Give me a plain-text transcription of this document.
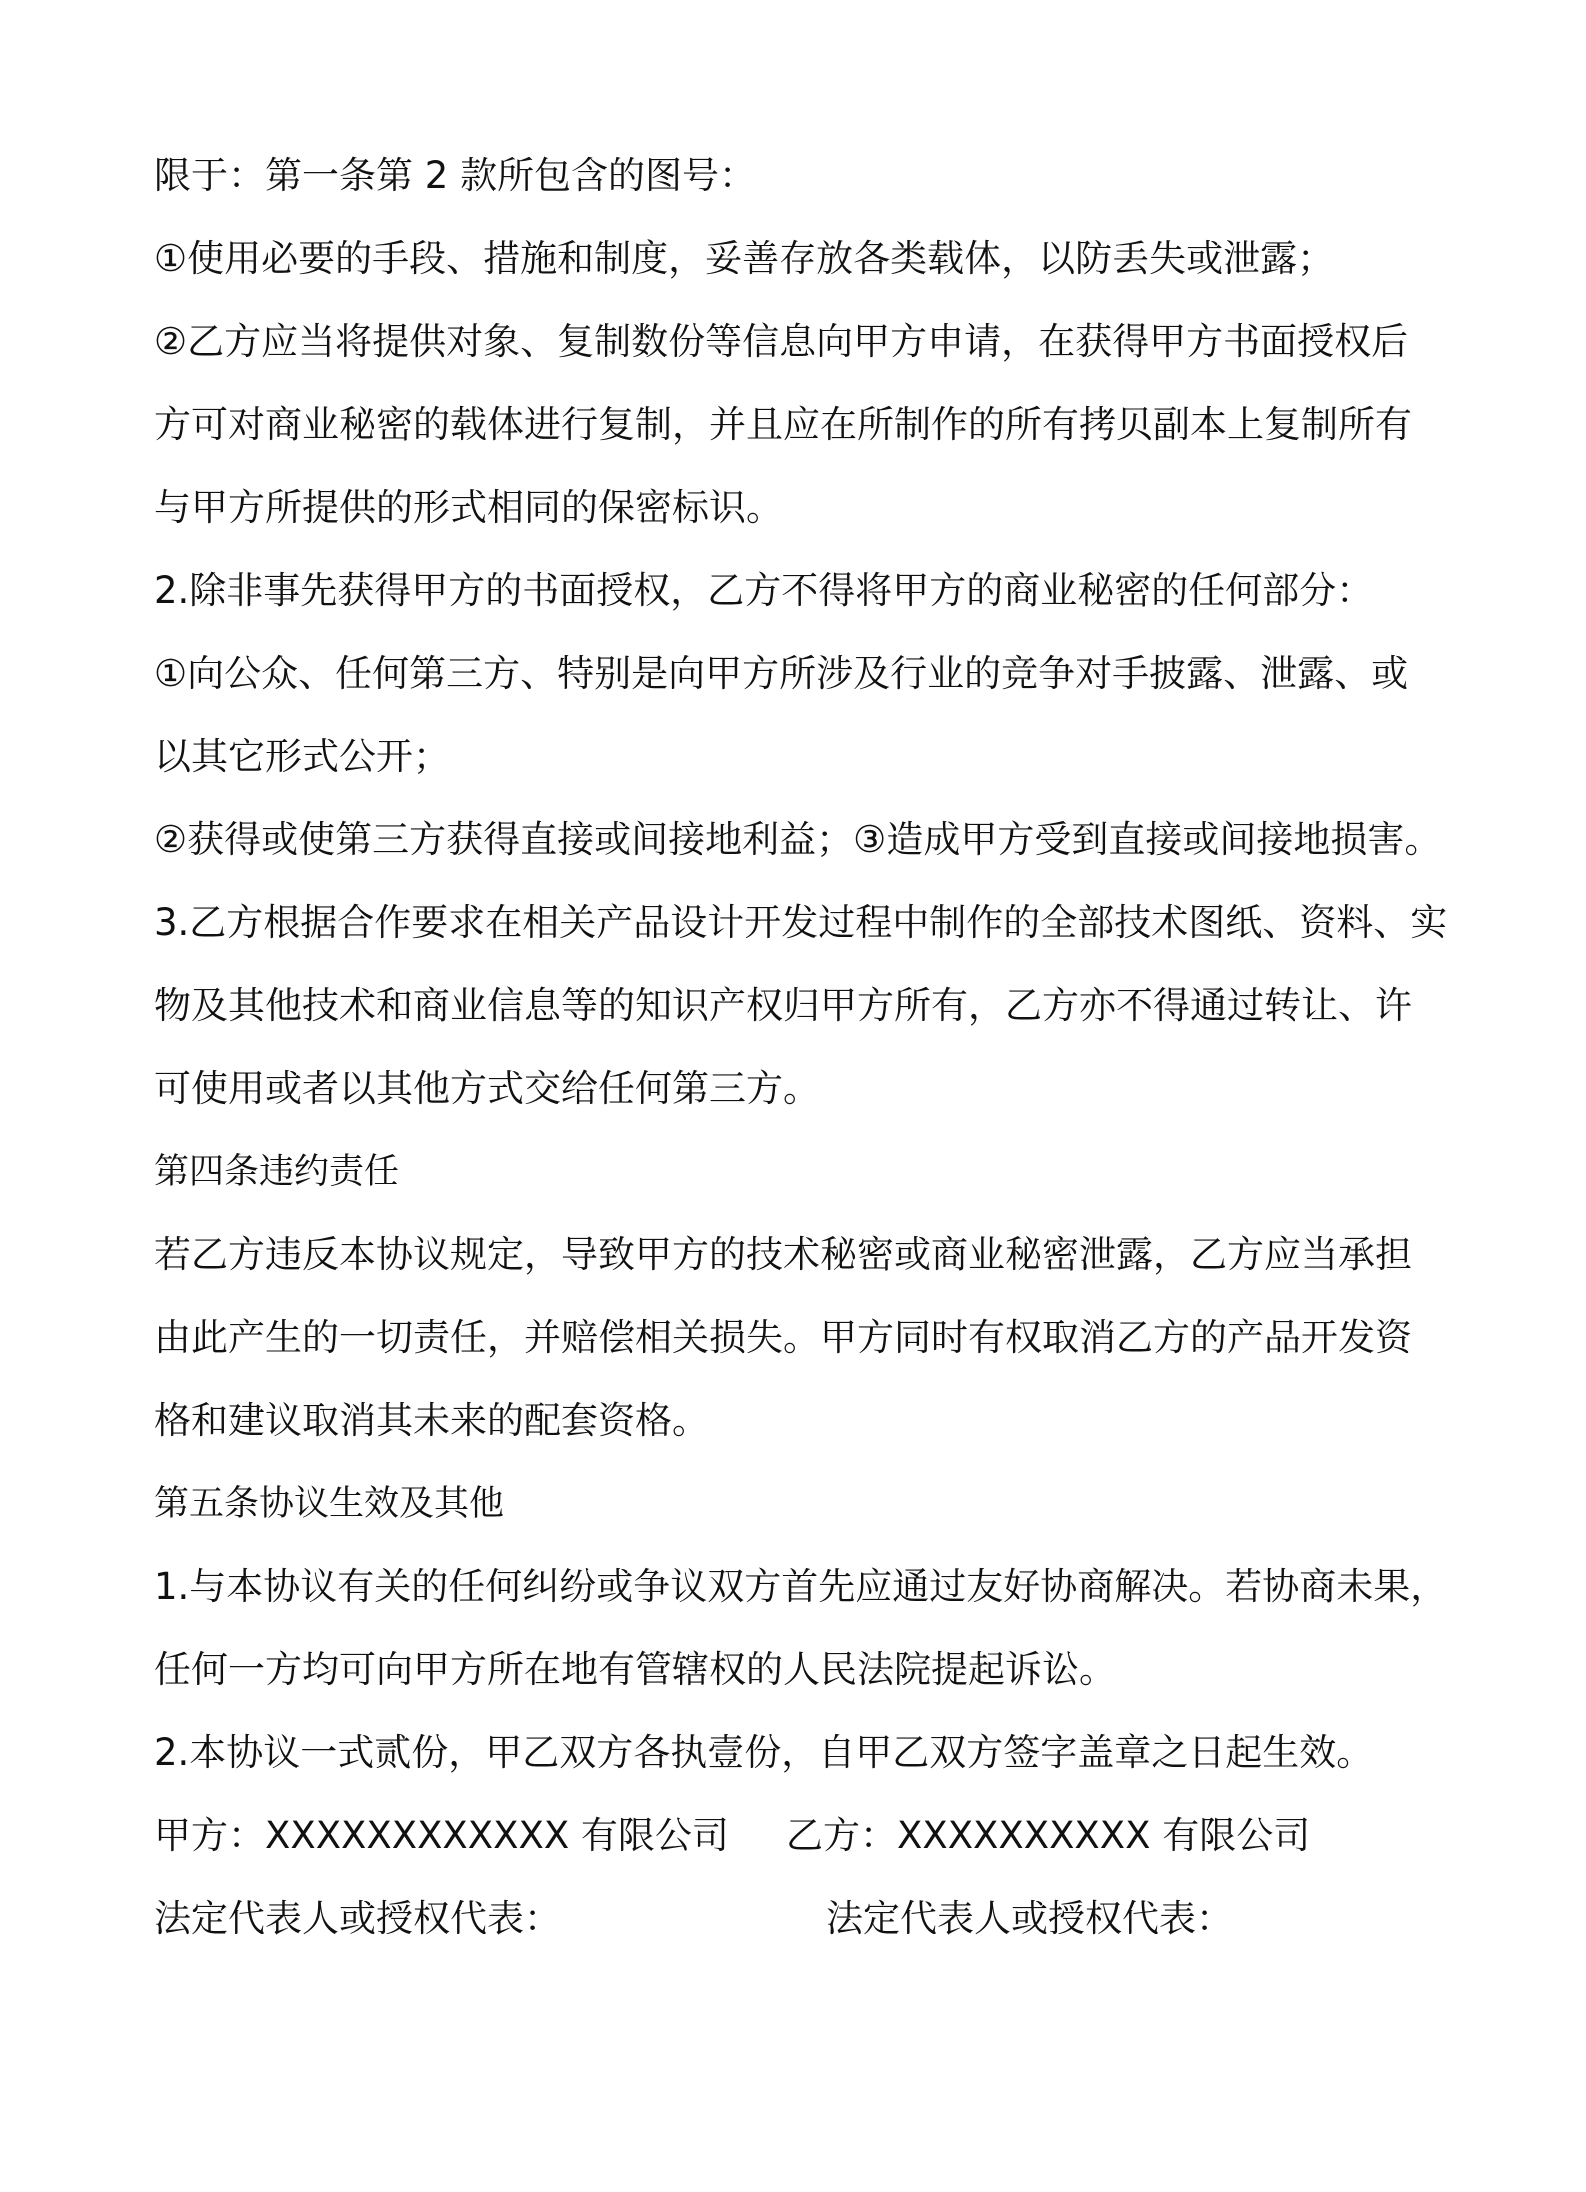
限于：第一条第 2 款所包含的图号：
①使用必要的手段、措施和制度，妥善存放各类载体，以防丢失或泄露；
②乙方应当将提供对象、复制数份等信息向甲方申请，在获得甲方书面授权后
方可对商业秘密的载体进行复制，并且应在所制作的所有拷贝副本上复制所有
与甲方所提供的形式相同的保密标识。
2.除非事先获得甲方的书面授权，乙方不得将甲方的商业秘密的任何部分：
①向公众、任何第三方、特别是向甲方所涉及行业的竞争对手披露、泄露、或
以其它形式公开；
②获得或使第三方获得直接或间接地利益；③造成甲方受到直接或间接地损害。
3.乙方根据合作要求在相关产品设计开发过程中制作的全部技术图纸、资料、实
物及其他技术和商业信息等的知识产权归甲方所有，乙方亦不得通过转让、许
可使用或者以其他方式交给任何第三方。
第四条违约责任
若乙方违反本协议规定，导致甲方的技术秘密或商业秘密泄露，乙方应当承担
由此产生的一切责任，并赔偿相关损失。甲方同时有权取消乙方的产品开发资
格和建议取消其未来的配套资格。
第五条协议生效及其他
1.与本协议有关的任何纠纷或争议双方首先应通过友好协商解决。若协商未果，
任何一方均可向甲方所在地有管辖权的人民法院提起诉讼。
2.本协议一式贰份，甲乙双方各执壹份，自甲乙双方签字盖章之日起生效。
甲方：XXXXXXXXXXXX 有限公司 乙方：XXXXXXXXXX 有限公司
法定代表人或授权代表：	法定代表人或授权代表：
